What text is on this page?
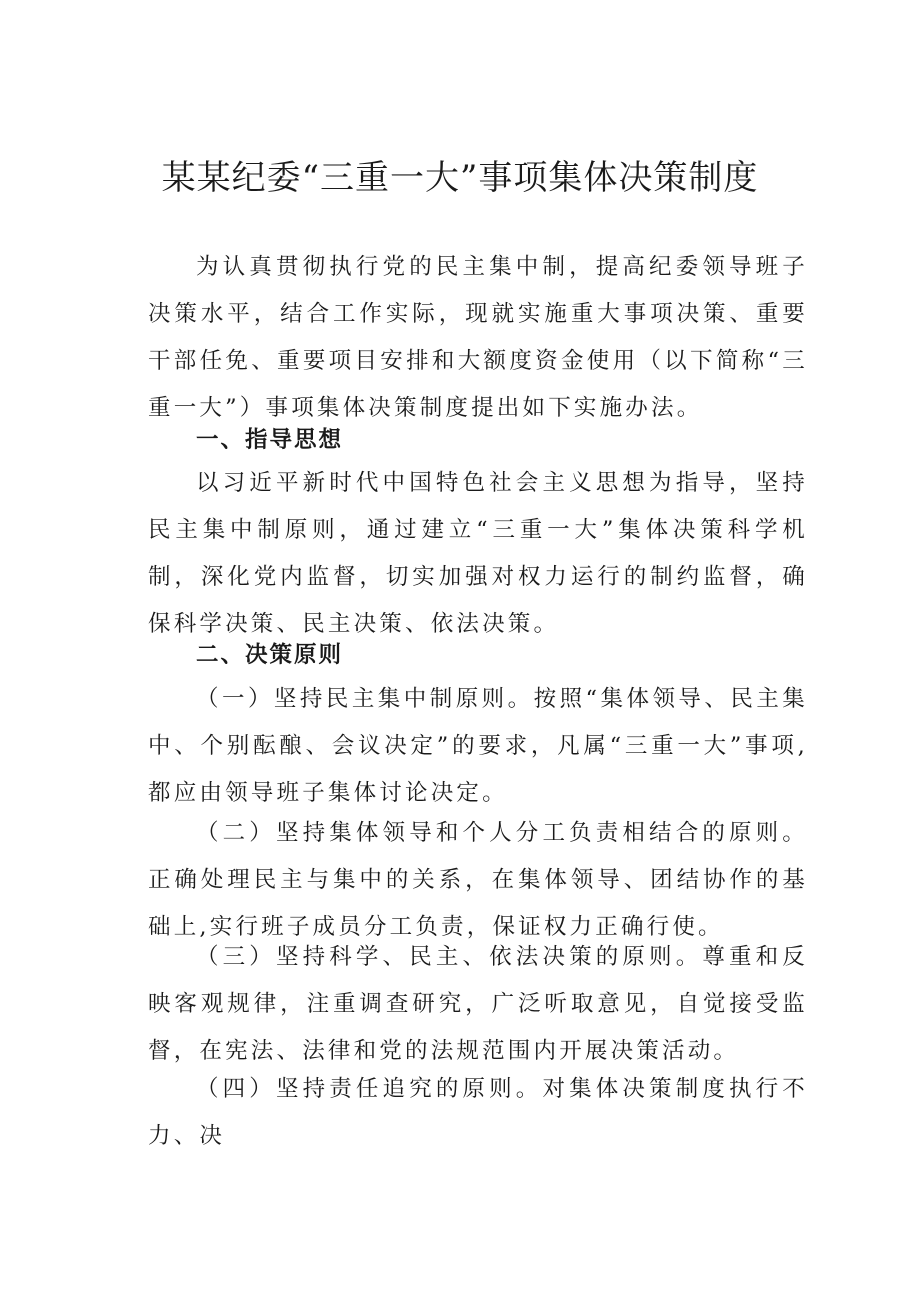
某某纪委“三重一大”事项集体决策制度

为认真贯彻执行党的民主集中制，提高纪委领导班子决策水平，结合工作实际，现就实施重大事项决策、重要干部任免、重要项目安排和大额度资金使用（以下简称“三重一大”）事项集体决策制度提出如下实施办法。

一、指导思想

以习近平新时代中国特色社会主义思想为指导，坚持民主集中制原则，通过建立“三重一大”集体决策科学机制，深化党内监督，切实加强对权力运行的制约监督，确保科学决策、民主决策、依法决策。

二、决策原则

（一）坚持民主集中制原则。按照“集体领导、民主集中、个别酝酿、会议决定”的要求，凡属“三重一大”事项,都应由领导班子集体讨论决定。

（二）坚持集体领导和个人分工负责相结合的原则。正确处理民主与集中的关系，在集体领导、团结协作的基础上,实行班子成员分工负责，保证权力正确行使。

（三）坚持科学、民主、依法决策的原则。尊重和反映客观规律，注重调查研究，广泛听取意见，自觉接受监督，在宪法、法律和党的法规范围内开展决策活动。

（四）坚持责任追究的原则。对集体决策制度执行不力、决
